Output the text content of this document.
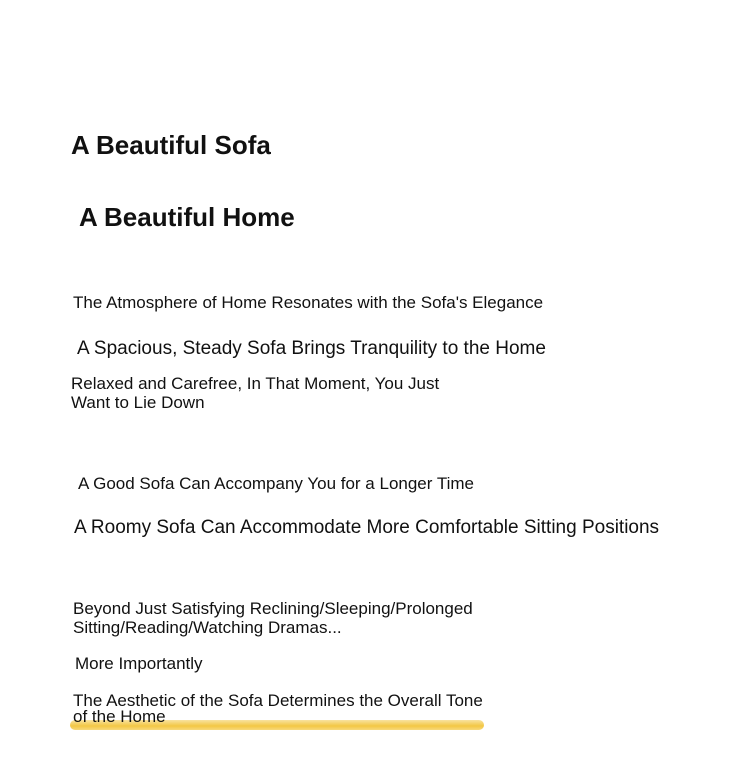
A Beautiful Sofa
A Beautiful Home

The Atmosphere of Home Resonates with the Sofa's Elegance

A Spacious, Steady Sofa Brings Tranquility to the Home

Relaxed and Carefree, In That Moment, You Just Want to Lie Down

A Good Sofa Can Accompany You for a Longer Time

A Roomy Sofa Can Accommodate More Comfortable Sitting Positions

Beyond Just Satisfying Reclining/Sleeping/Prolonged Sitting/Reading/Watching Dramas...

More Importantly

The Aesthetic of the Sofa Determines the Overall Tone of the Home
